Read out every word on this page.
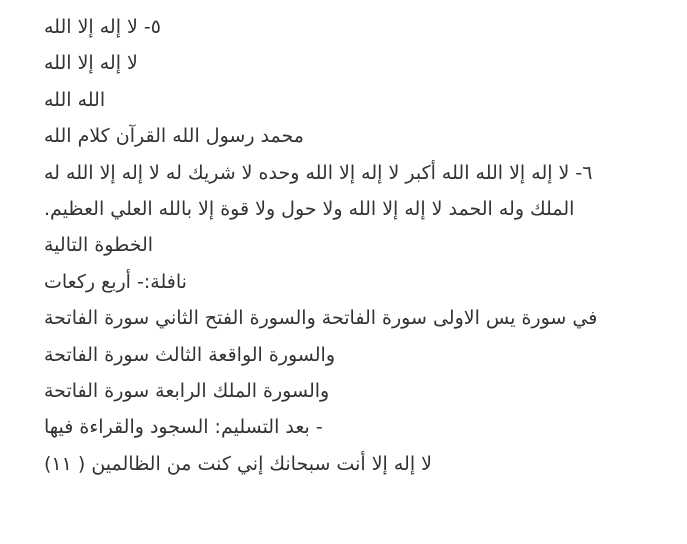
٥- لا إله إلا الله
لا إله إلا الله
الله الله
محمد رسول الله القرآن كلام الله
٦- لا إله إلا الله الله أكبر لا إله إلا الله وحده لا شريك له لا إله إلا الله له
الملك وله الحمد لا إله إلا الله ولا حول ولا قوة إلا بالله العلي العظيم.
الخطوة التالية
نافلة:- أربع ركعات
في سورة يس الاولى سورة الفاتحة والسورة الفتح الثاني سورة الفاتحة
والسورة الواقعة الثالث سورة الفاتحة
والسورة الملك الرابعة سورة الفاتحة
- بعد التسليم: السجود والقراءة فيها
لا إله إلا أنت سبحانك إني كنت من الظالمين ( ١١)
